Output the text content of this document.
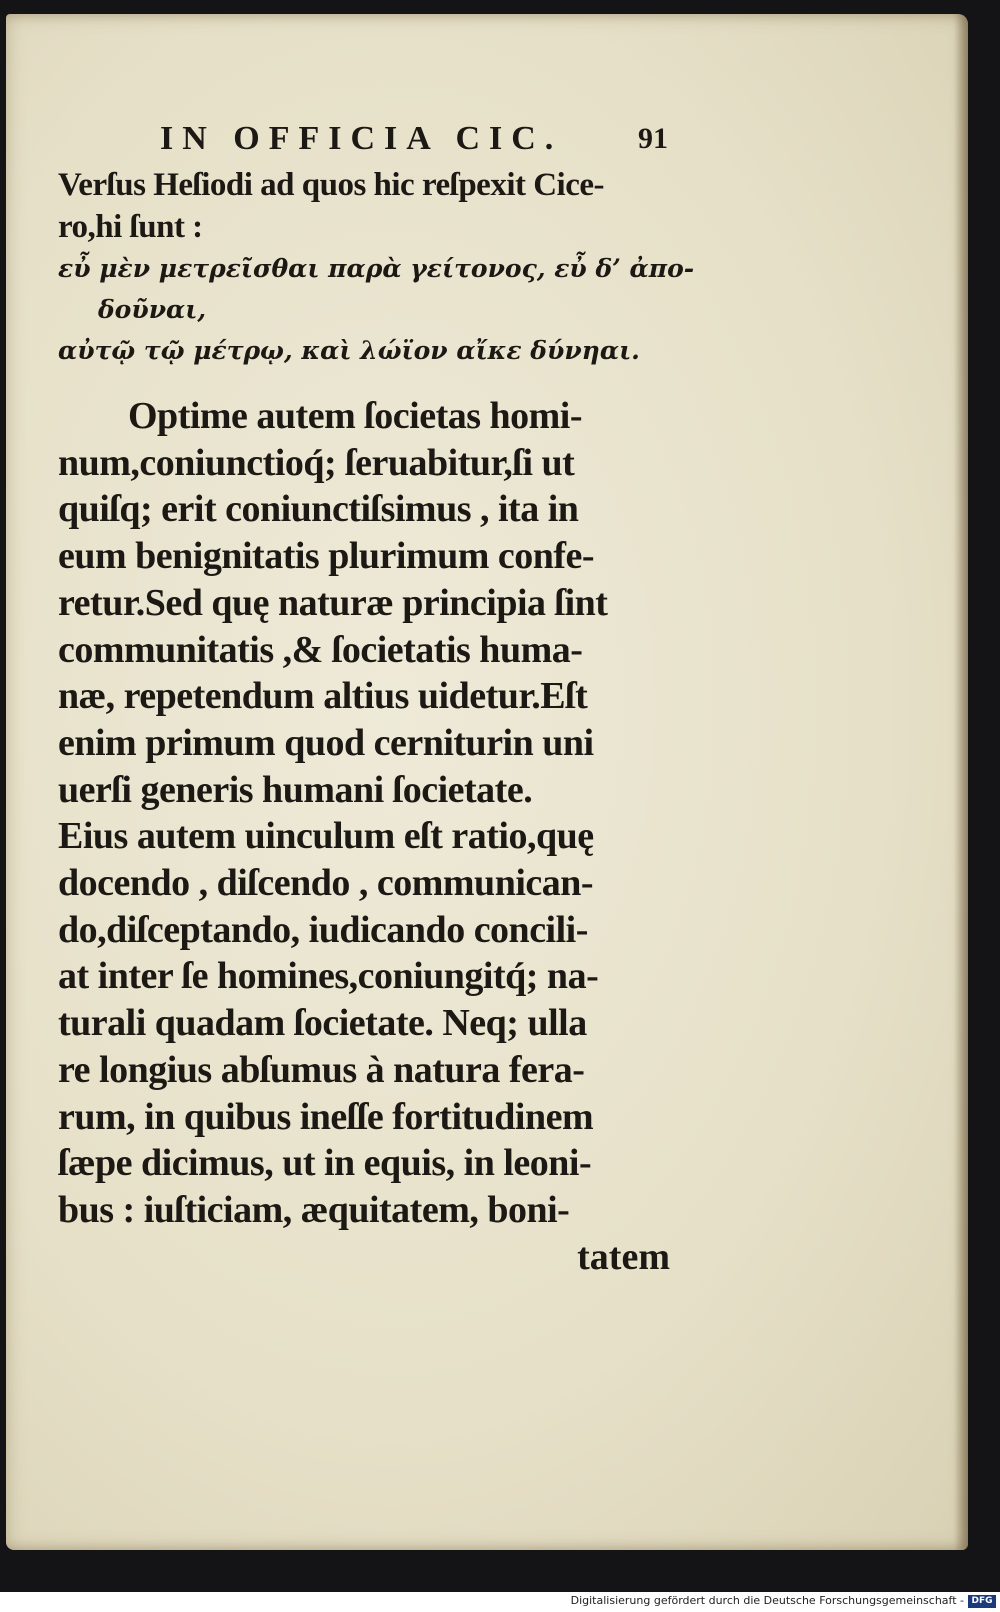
IN OFFICIA CIC.	91
Verſus Heſiodi ad quos hic reſpexit Cice-
ro,hi ſunt :
εὖ μὲν μετρεῖσθαι παρὰ γείτονος, εὖ δ’ ἀπο-
δοῦναι,
αὐτῷ τῷ μέτρῳ, καὶ λώϊον αἴκε δύνηαι.
Optime autem ſocietas homi-
num,coniunctioq́; ſeruabitur,ſi ut
quiſq; erit coniunctiſsimus , ita in
eum benignitatis plurimum confe-
retur.Sed quę naturæ principia ſint
communitatis ,& ſocietatis huma-
næ, repetendum altius uidetur.Eſt
enim primum quod cerniturin uni
uerſi generis humani ſocietate.
Eius autem uinculum eſt ratio,quę
docendo , diſcendo , communican-
do,diſceptando, iudicando concili-
at inter ſe homines,coniungitq́; na-
turali quadam ſocietate. Neq; ulla
re longius abſumus à natura fera-
rum, in quibus ineſſe fortitudinem
ſæpe dicimus, ut in equis, in leoni-
bus : iuſticiam, æquitatem, boni-
tatem
Digitalisierung gefördert durch die Deutsche Forschungsgemeinschaft - DFG
